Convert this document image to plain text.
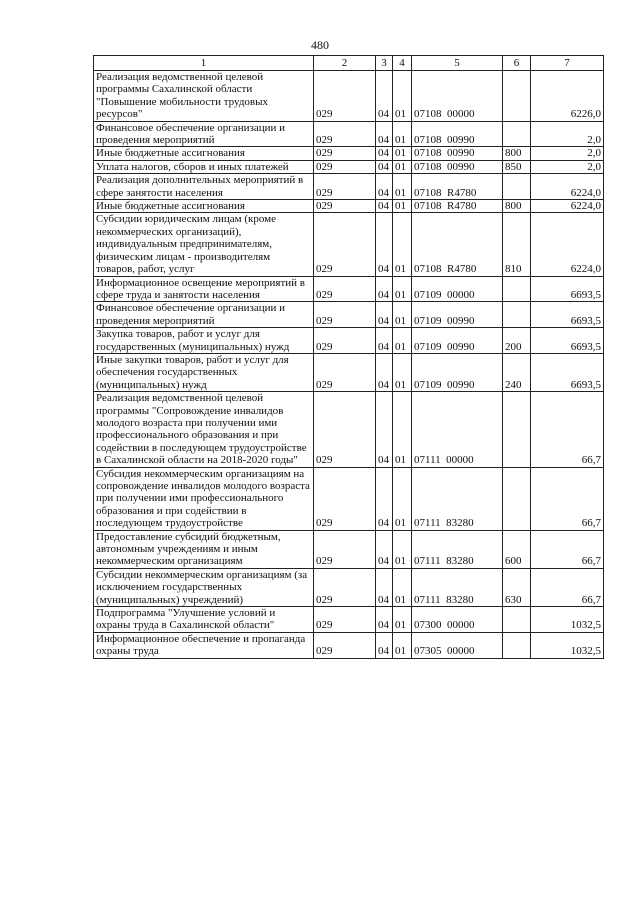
480
1	2	3	4	5	6	7
Реализация ведомственной целевой программы Сахалинской области "Повышение мобильности трудовых ресурсов"	029	04	01	07108  00000		6226,0
Финансовое обеспечение организации и проведения мероприятий	029	04	01	07108  00990		2,0
Иные бюджетные ассигнования	029	04	01	07108  00990	800	2,0
Уплата налогов, сборов и иных платежей	029	04	01	07108  00990	850	2,0
Реализация дополнительных мероприятий в сфере занятости населения	029	04	01	07108  R4780		6224,0
Иные бюджетные ассигнования	029	04	01	07108  R4780	800	6224,0
Субсидии юридическим лицам (кроме некоммерческих организаций), индивидуальным предпринимателям, физическим лицам - производителям товаров, работ, услуг	029	04	01	07108  R4780	810	6224,0
Информационное освещение мероприятий в сфере труда и занятости населения	029	04	01	07109  00000		6693,5
Финансовое обеспечение организации и проведения мероприятий	029	04	01	07109  00990		6693,5
Закупка товаров, работ и услуг для государственных (муниципальных) нужд	029	04	01	07109  00990	200	6693,5
Иные закупки товаров, работ и услуг для обеспечения государственных (муниципальных) нужд	029	04	01	07109  00990	240	6693,5
Реализация ведомственной целевой программы "Сопровождение инвалидов молодого возраста при получении ими профессионального образования и при содействии в последующем трудоустройстве в Сахалинской области на 2018-2020 годы"	029	04	01	07111  00000		66,7
Субсидия некоммерческим организациям на сопровождение инвалидов молодого возраста при получении ими профессионального образования и при содействии в последующем трудоустройстве	029	04	01	07111  83280		66,7
Предоставление субсидий бюджетным, автономным учреждениям и иным некоммерческим организациям	029	04	01	07111  83280	600	66,7
Субсидии некоммерческим организациям (за исключением государственных (муниципальных) учреждений)	029	04	01	07111  83280	630	66,7
Подпрограмма "Улучшение условий и охраны труда в Сахалинской области"	029	04	01	07300  00000		1032,5
Информационное обеспечение и пропаганда охраны труда	029	04	01	07305  00000		1032,5
